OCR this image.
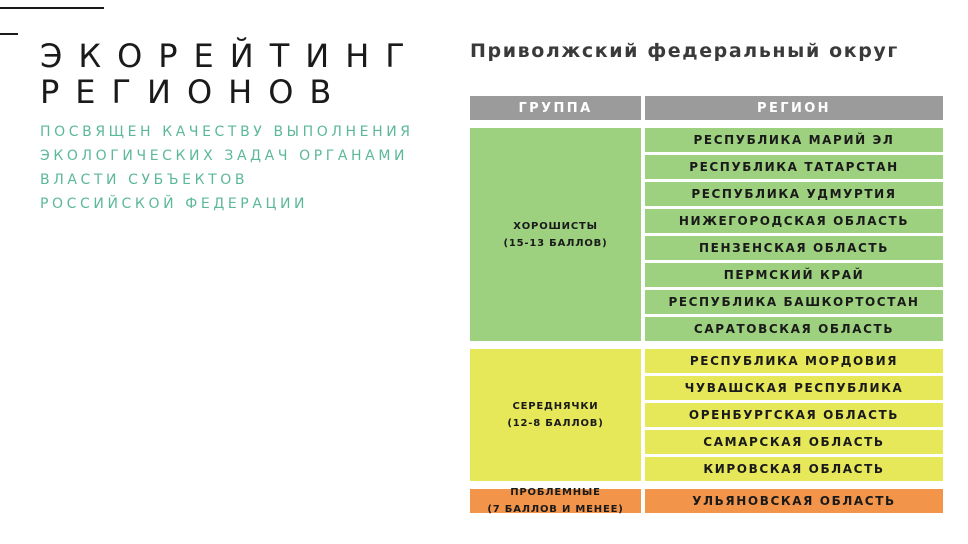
ЭКОРЕЙТИНГ
РЕГИОНОВ
ПОСВЯЩЕН КАЧЕСТВУ ВЫПОЛНЕНИЯ
ЭКОЛОГИЧЕСКИХ ЗАДАЧ ОРГАНАМИ
ВЛАСТИ СУБЪЕКТОВ
РОССИЙСКОЙ ФЕДЕРАЦИИ
Приволжский федеральный округ
ГРУППА	РЕГИОН
ХОРОШИСТЫ
(15-13 БАЛЛОВ)
РЕСПУБЛИКА МАРИЙ ЭЛ
РЕСПУБЛИКА ТАТАРСТАН
РЕСПУБЛИКА УДМУРТИЯ
НИЖЕГОРОДСКАЯ ОБЛАСТЬ
ПЕНЗЕНСКАЯ ОБЛАСТЬ
ПЕРМСКИЙ КРАЙ
РЕСПУБЛИКА БАШКОРТОСТАН
САРАТОВСКАЯ ОБЛАСТЬ
СЕРЕДНЯЧКИ
(12-8 БАЛЛОВ)
РЕСПУБЛИКА МОРДОВИЯ
ЧУВАШСКАЯ РЕСПУБЛИКА
ОРЕНБУРГСКАЯ ОБЛАСТЬ
САМАРСКАЯ ОБЛАСТЬ
КИРОВСКАЯ ОБЛАСТЬ
ПРОБЛЕМНЫЕ
(7 БАЛЛОВ И МЕНЕЕ)
УЛЬЯНОВСКАЯ ОБЛАСТЬ
